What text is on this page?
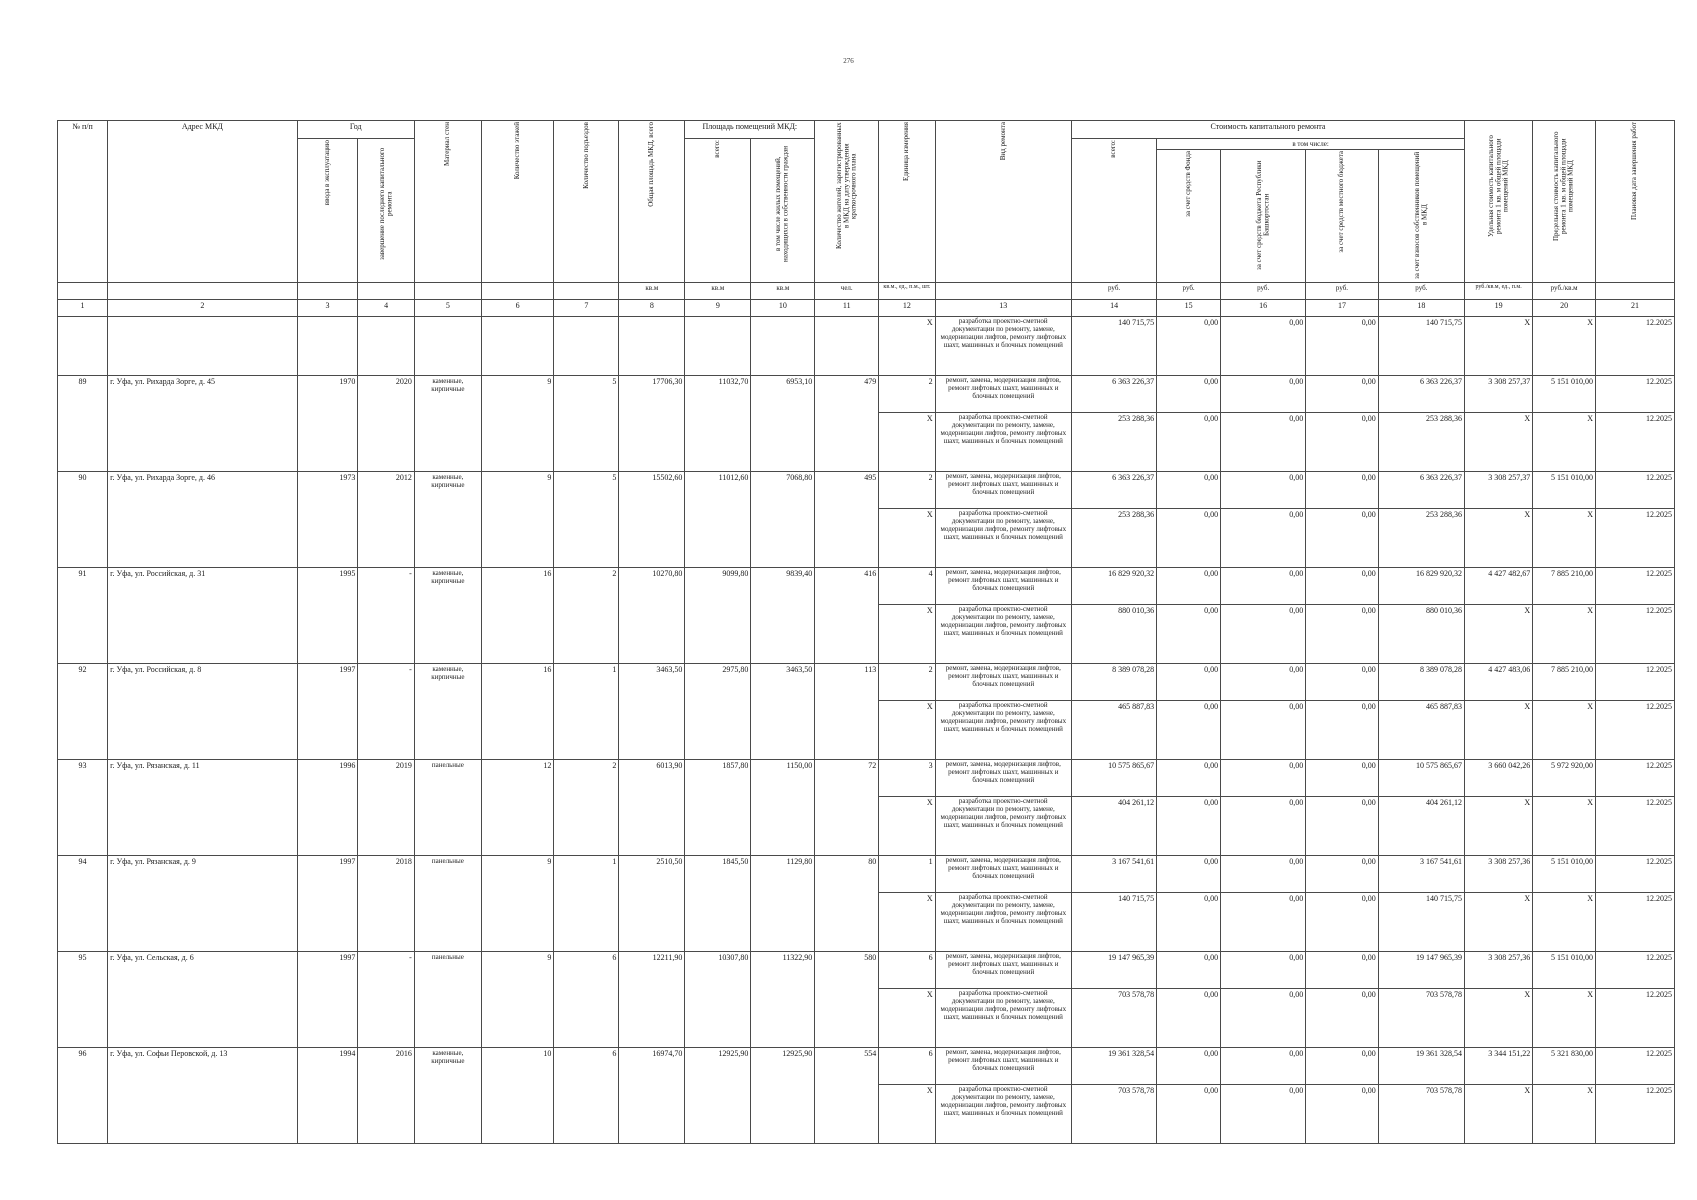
276
№ п/п	Адрес МКД	Год		Материал стен	Количество этажей	Количество подъездов	Общая площадь МКД, всего	Площадь помещений МКД:		Количество жителей, зарегистрированных в МКД на дату утверждения краткосрочного плана	Единица измерения	Вид ремонта	Стоимость капитального ремонта					Удельная стоимость капитального ремонта 1 кв. м общей площади помещений МКД	Предельная стоимость капитального ремонта 1 кв. м общей площади помещений МКД	Плановая дата завершения работ
		ввода в эксплуатацию	завершение последнего капитального ремонта					всего:	в том числе жилых помещений, находящихся в собственности граждан				всего:	в том числе:						
														за счет средств Фонда	за счет средств бюджета Республики Башкортостан	за счет средств местного бюджета	за счет взносов собственников помещений в МКД			
							кв.м	кв.м	кв.м	чел.	кв.м., ед., п.м., шт.		руб.	руб.	руб.	руб.	руб.	руб./кв.м, ед., п.м.	руб./кв.м	
1	2	3	4	5	6	7	8	9	10	11	12	13	14	15	16	17	18	19	20	21
											X	разработка проектно-сметной документации по ремонту, замене, модернизации лифтов, ремонту лифтовых шахт, машинных и блочных помещений	140 715,75	0,00	0,00	0,00	140 715,75	X	X	12.2025
89	г. Уфа, ул. Рихарда Зорге, д. 45	1970	2020	каменные, кирпичные	9	5	17706,30	11032,70	6953,10	479	2	ремонт, замена, модернизация лифтов, ремонт лифтовых шахт, машинных и блочных помещений	6 363 226,37	0,00	0,00	0,00	6 363 226,37	3 308 257,37	5 151 010,00	12.2025
											X	разработка проектно-сметной документации по ремонту, замене, модернизации лифтов, ремонту лифтовых шахт, машинных и блочных помещений	253 288,36	0,00	0,00	0,00	253 288,36	X	X	12.2025
90	г. Уфа, ул. Рихарда Зорге, д. 46	1973	2012	каменные, кирпичные	9	5	15502,60	11012,60	7068,80	495	2	ремонт, замена, модернизация лифтов, ремонт лифтовых шахт, машинных и блочных помещений	6 363 226,37	0,00	0,00	0,00	6 363 226,37	3 308 257,37	5 151 010,00	12.2025
											X	разработка проектно-сметной документации по ремонту, замене, модернизации лифтов, ремонту лифтовых шахт, машинных и блочных помещений	253 288,36	0,00	0,00	0,00	253 288,36	X	X	12.2025
91	г. Уфа, ул. Российская, д. 31	1995	-	каменные, кирпичные	16	2	10270,80	9099,80	9839,40	416	4	ремонт, замена, модернизация лифтов, ремонт лифтовых шахт, машинных и блочных помещений	16 829 920,32	0,00	0,00	0,00	16 829 920,32	4 427 482,67	7 885 210,00	12.2025
											X	разработка проектно-сметной документации по ремонту, замене, модернизации лифтов, ремонту лифтовых шахт, машинных и блочных помещений	880 010,36	0,00	0,00	0,00	880 010,36	X	X	12.2025
92	г. Уфа, ул. Российская, д. 8	1997	-	каменные, кирпичные	16	1	3463,50	2975,80	3463,50	113	2	ремонт, замена, модернизация лифтов, ремонт лифтовых шахт, машинных и блочных помещений	8 389 078,28	0,00	0,00	0,00	8 389 078,28	4 427 483,06	7 885 210,00	12.2025
											X	разработка проектно-сметной документации по ремонту, замене, модернизации лифтов, ремонту лифтовых шахт, машинных и блочных помещений	465 887,83	0,00	0,00	0,00	465 887,83	X	X	12.2025
93	г. Уфа, ул. Рязанская, д. 11	1996	2019	панельные	12	2	6013,90	1857,80	1150,00	72	3	ремонт, замена, модернизация лифтов, ремонт лифтовых шахт, машинных и блочных помещений	10 575 865,67	0,00	0,00	0,00	10 575 865,67	3 660 042,26	5 972 920,00	12.2025
											X	разработка проектно-сметной документации по ремонту, замене, модернизации лифтов, ремонту лифтовых шахт, машинных и блочных помещений	404 261,12	0,00	0,00	0,00	404 261,12	X	X	12.2025
94	г. Уфа, ул. Рязанская, д. 9	1997	2018	панельные	9	1	2510,50	1845,50	1129,80	80	1	ремонт, замена, модернизация лифтов, ремонт лифтовых шахт, машинных и блочных помещений	3 167 541,61	0,00	0,00	0,00	3 167 541,61	3 308 257,36	5 151 010,00	12.2025
											X	разработка проектно-сметной документации по ремонту, замене, модернизации лифтов, ремонту лифтовых шахт, машинных и блочных помещений	140 715,75	0,00	0,00	0,00	140 715,75	X	X	12.2025
95	г. Уфа, ул. Сельская, д. 6	1997	-	панельные	9	6	12211,90	10307,80	11322,90	580	6	ремонт, замена, модернизация лифтов, ремонт лифтовых шахт, машинных и блочных помещений	19 147 965,39	0,00	0,00	0,00	19 147 965,39	3 308 257,36	5 151 010,00	12.2025
											X	разработка проектно-сметной документации по ремонту, замене, модернизации лифтов, ремонту лифтовых шахт, машинных и блочных помещений	703 578,78	0,00	0,00	0,00	703 578,78	X	X	12.2025
96	г. Уфа, ул. Софьи Перовской, д. 13	1994	2016	каменные, кирпичные	10	6	16974,70	12925,90	12925,90	554	6	ремонт, замена, модернизация лифтов, ремонт лифтовых шахт, машинных и блочных помещений	19 361 328,54	0,00	0,00	0,00	19 361 328,54	3 344 151,22	5 321 830,00	12.2025
											X	разработка проектно-сметной документации по ремонту, замене, модернизации лифтов, ремонту лифтовых шахт, машинных и блочных помещений	703 578,78	0,00	0,00	0,00	703 578,78	X	X	12.2025
